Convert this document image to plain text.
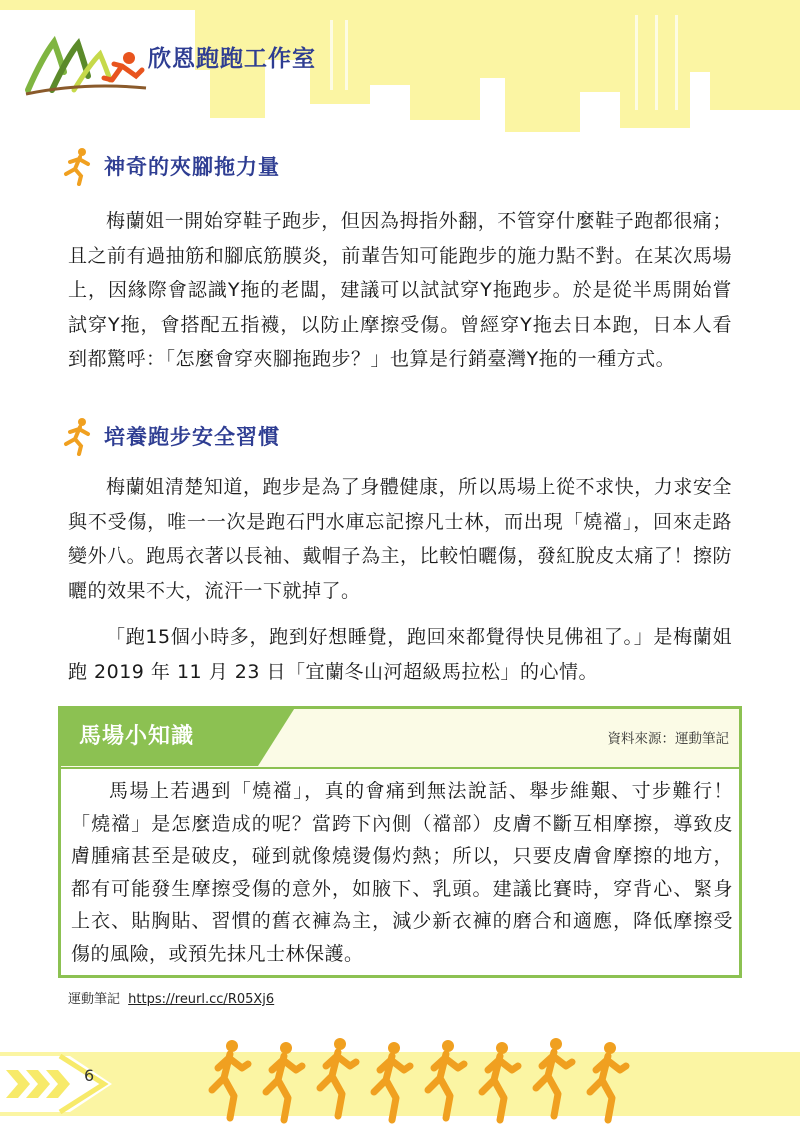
欣恩跑跑工作室
神奇的夾腳拖力量

梅蘭姐一開始穿鞋子跑步，但因為拇指外翻，不管穿什麼鞋子跑都很痛；且之前有過抽筋和腳底筋膜炎，前輩告知可能跑步的施力點不對。在某次馬場上，因緣際會認識Y拖的老闆，建議可以試試穿Y拖跑步。於是從半馬開始嘗試穿Y拖，會搭配五指襪，以防止摩擦受傷。曾經穿Y拖去日本跑，日本人看到都驚呼：「怎麼會穿夾腳拖跑步？」也算是行銷臺灣Y拖的一種方式。

培養跑步安全習慣

梅蘭姐清楚知道，跑步是為了身體健康，所以馬場上從不求快，力求安全與不受傷，唯一一次是跑石門水庫忘記擦凡士林，而出現「燒襠」，回來走路變外八。跑馬衣著以長袖、戴帽子為主，比較怕曬傷，發紅脫皮太痛了！擦防曬的效果不大，流汗一下就掉了。

「跑15個小時多，跑到好想睡覺，跑回來都覺得快見佛祖了。」是梅蘭姐跑 2019 年 11 月 23 日「宜蘭冬山河超級馬拉松」的心情。

馬場小知識	資料來源：運動筆記

馬場上若遇到「燒襠」，真的會痛到無法說話、舉步維艱、寸步難行！「燒襠」是怎麼造成的呢？當跨下內側（襠部）皮膚不斷互相摩擦，導致皮膚腫痛甚至是破皮，碰到就像燒燙傷灼熱；所以，只要皮膚會摩擦的地方，都有可能發生摩擦受傷的意外，如腋下、乳頭。建議比賽時，穿背心、緊身上衣、貼胸貼、習慣的舊衣褲為主，減少新衣褲的磨合和適應，降低摩擦受傷的風險，或預先抹凡士林保護。

運動筆記 https://reurl.cc/R05Xj6
6
